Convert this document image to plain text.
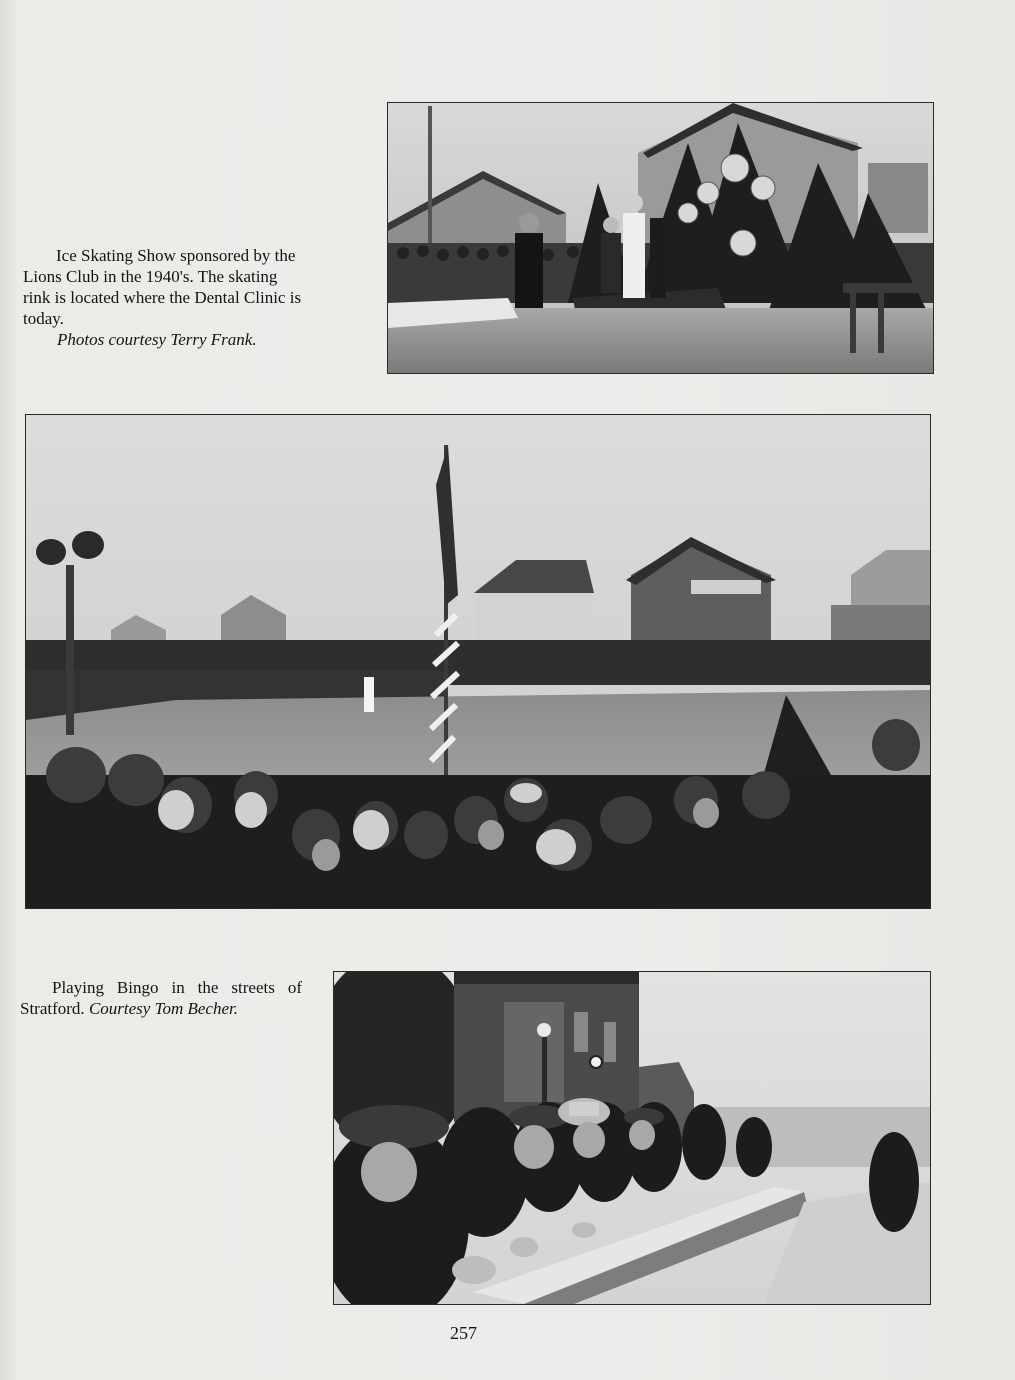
Ice Skating Show sponsored by the Lions Club in the 1940's. The skating rink is located where the Dental Clinic is today.
Photos courtesy Terry Frank.

Playing Bingo in the streets of Stratford. Courtesy Tom Becher.

257
